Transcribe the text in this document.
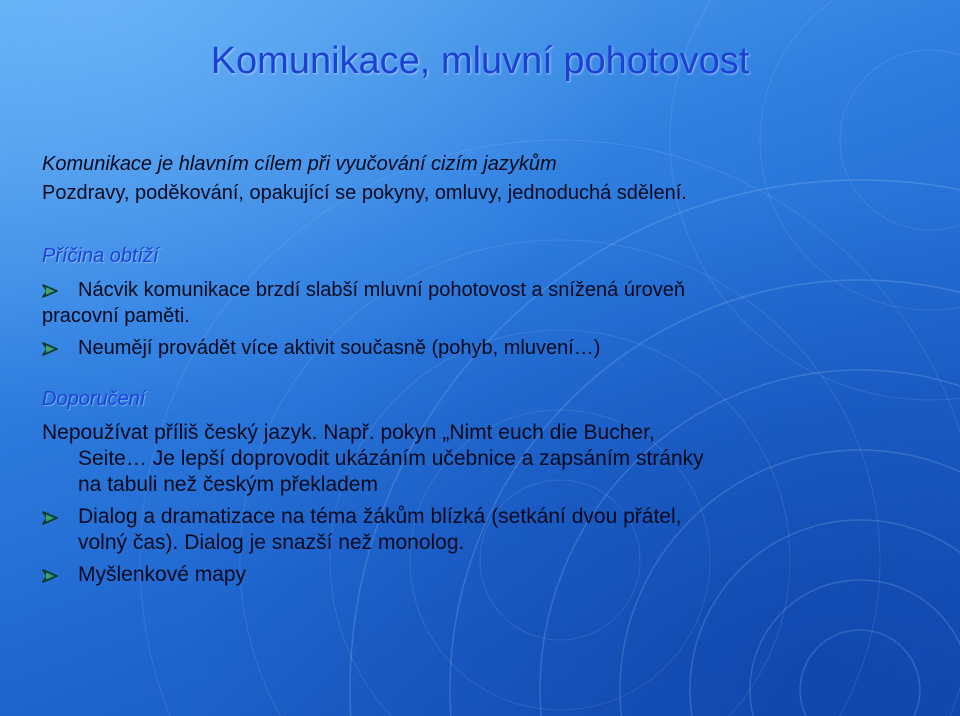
Komunikace, mluvní pohotovost
Komunikace je hlavním cílem při vyučování cizím jazykům
Pozdravy, poděkování, opakující se pokyny, omluvy, jednoduchá sdělení.
Příčina obtíží
Nácvik komunikace brzdí slabší mluvní pohotovost a snížená úroveň
pracovní paměti.
Neumějí provádět více aktivit současně (pohyb, mluvení…)
Doporučení
Nepoužívat příliš český jazyk. Např. pokyn „Nimt euch die Bucher,
Seite… Je lepší doprovodit ukázáním učebnice a zapsáním stránky
na tabuli než českým překladem
Dialog a dramatizace na téma žákům blízká (setkání dvou přátel,
volný čas). Dialog je snazší než monolog.
Myšlenkové mapy
